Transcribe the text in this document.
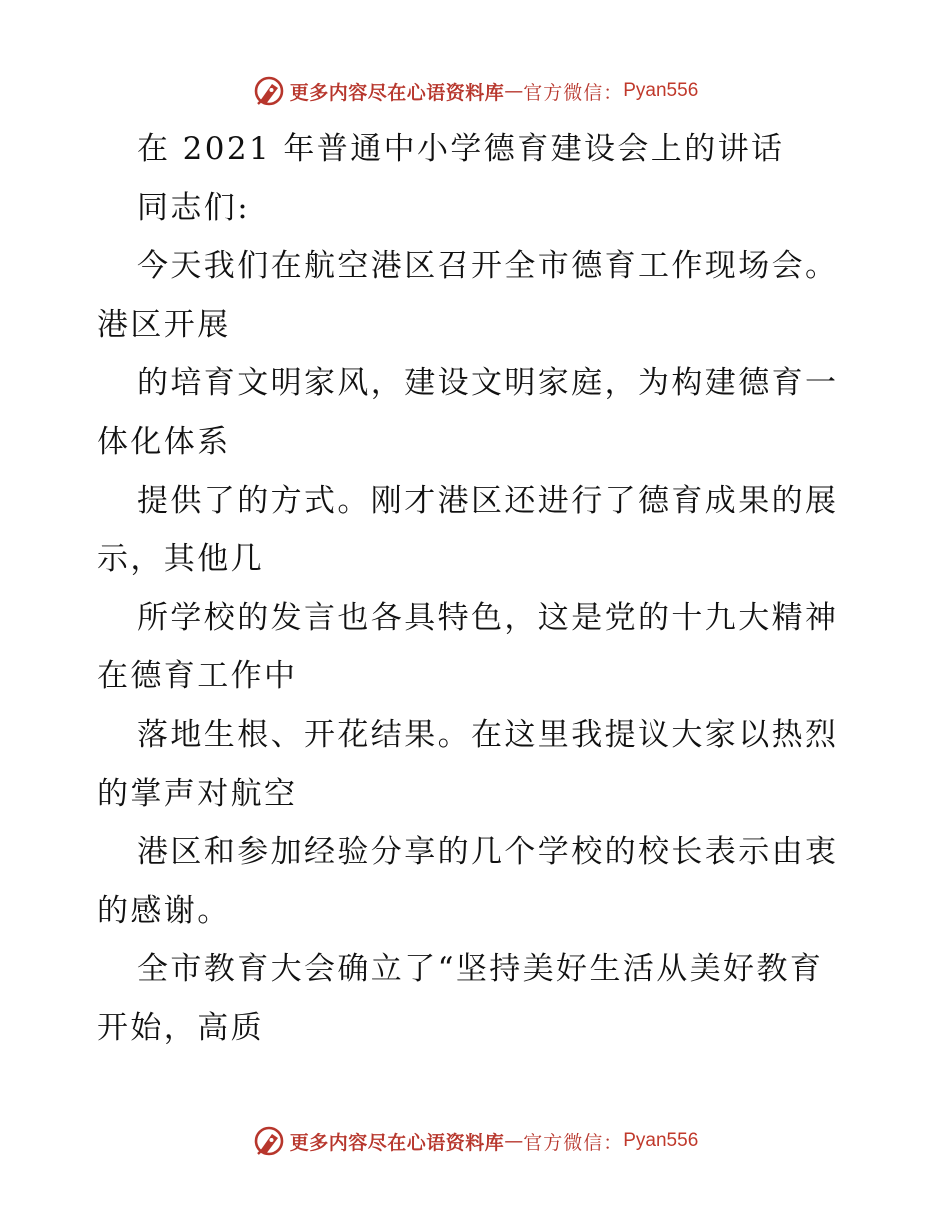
更多内容尽在心语资料库 — 官方微信： Pyan556
在 2021 年普通中小学德育建设会上的讲话
同志们:
今天我们在航空港区召开全市德育工作现场会。
港区开展
的培育文明家风，建设文明家庭，为构建德育一
体化体系
提供了的方式。刚才港区还进行了德育成果的展
示，其他几
所学校的发言也各具特色，这是党的十九大精神
在德育工作中
落地生根、开花结果。在这里我提议大家以热烈
的掌声对航空
港区和参加经验分享的几个学校的校长表示由衷
的感谢。
全市教育大会确立了“坚持美好生活从美好教育
开始，高质
更多内容尽在心语资料库 — 官方微信： Pyan556
